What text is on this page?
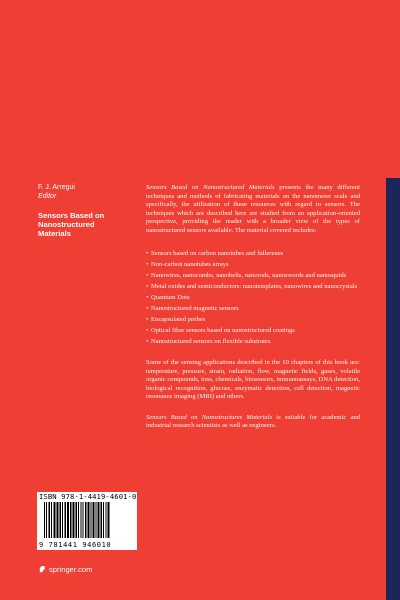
F. J. Arregui
Editor
Sensors Based on Nanostructured Materials

Sensors Based on Nanostructured Materials presents the many different techniques and methods of fabricating materials on the nanometer scale and specifically, the utilization of these resources with regard to sensors. The techniques which are described here are studied from an application-oriented perspective, providing the reader with a broader view of the types of nanostructured sensors available. The material covered includes:

• Sensors based on carbon nanotubes and fullerenes
• Non-carbon nanotubes arrays
• Nanowires, nanocombs, nanobelts, nanorods, nanoswords and nanosquids
• Metal oxides and semiconductors: nanotemplates, nanowires and nanocrystals
• Quantum Dots
• Nanostructured magnetic sensors
• Encapsulated probes
• Optical fiber sensors based on nanostructured coatings
• Nanostructured sensors on flexible substrates

Some of the sensing applications described in the 10 chapters of this book are: temperature, pressure, strain, radiation, flow, magnetic fields, gases, volatile organic compounds, ions, chemicals, biosensors, immunoassays, DNA detection, biological recognition, glucose, enzymatic detection, cell detection, magnetic resonance imaging (MRI) and others.

Sensors Based on Nanostructures Materials is suitable for academic and industrial research scientists as well as engineers.

ISBN 978-1-4419-4601-0
9 781441 946010
springer.com
